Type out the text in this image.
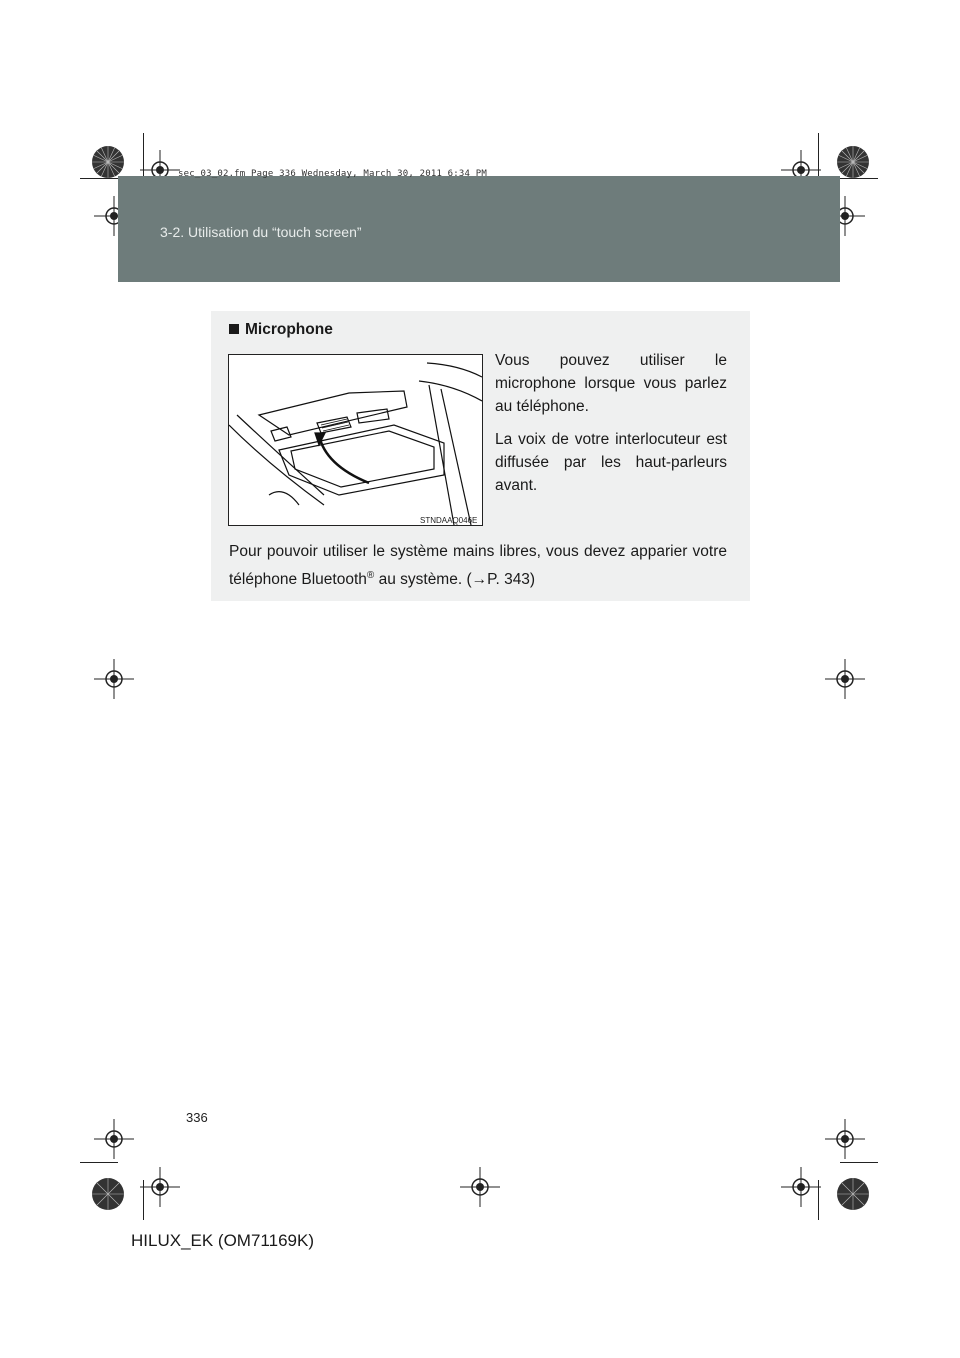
sec_03_02.fm Page 336 Wednesday, March 30, 2011 6:34 PM
3-2. Utilisation du “touch screen”
Microphone
STNDAAQ046E

Vous pouvez utiliser le microphone lorsque vous parlez au téléphone.

La voix de votre interlocuteur est diffusée par les haut-parleurs avant.

Pour pouvoir utiliser le système mains libres, vous devez apparier votre téléphone Bluetooth® au système. (→P. 343)

336
HILUX_EK (OM71169K)
